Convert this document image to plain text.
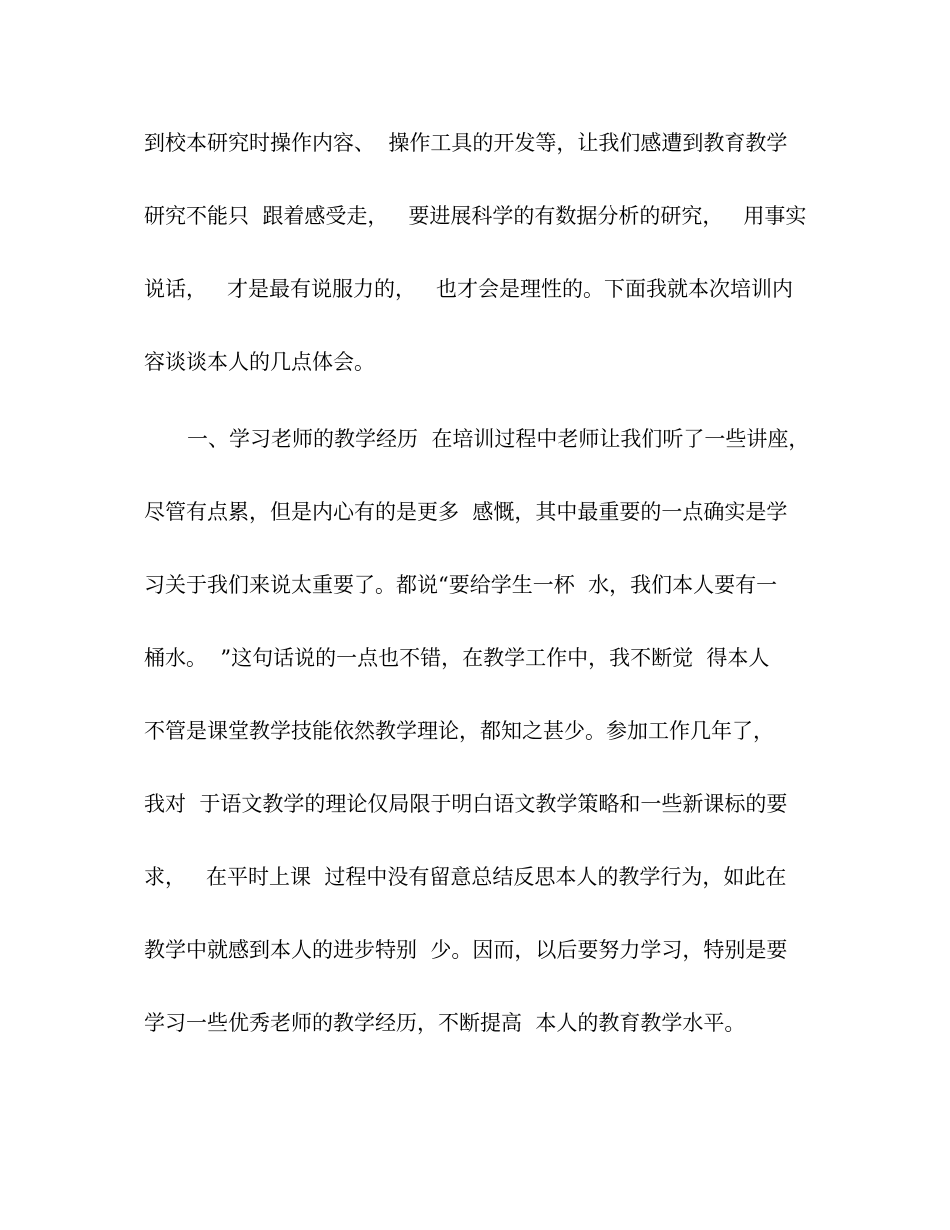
到校本研究时操作内容、  操作工具的开发等，让我们感遭到教育教学

研究不能只  跟着感受走，   要进展科学的有数据分析的研究，   用事实

说话，   才是最有说服力的，   也才会是理性的。下面我就本次培训内

容谈谈本人的几点体会。

一、学习老师的教学经历  在培训过程中老师让我们听了一些讲座，

尽管有点累，但是内心有的是更多  感慨，其中最重要的一点确实是学

习关于我们来说太重要了。都说“要给学生一杯  水，我们本人要有一

桶水。  ”这句话说的一点也不错，在教学工作中，我不断觉  得本人

不管是课堂教学技能依然教学理论，都知之甚少。参加工作几年了，

我对  于语文教学的理论仅局限于明白语文教学策略和一些新课标的要

求，   在平时上课  过程中没有留意总结反思本人的教学行为，如此在

教学中就感到本人的进步特别  少。因而，以后要努力学习，特别是要

学习一些优秀老师的教学经历，不断提高  本人的教育教学水平。
